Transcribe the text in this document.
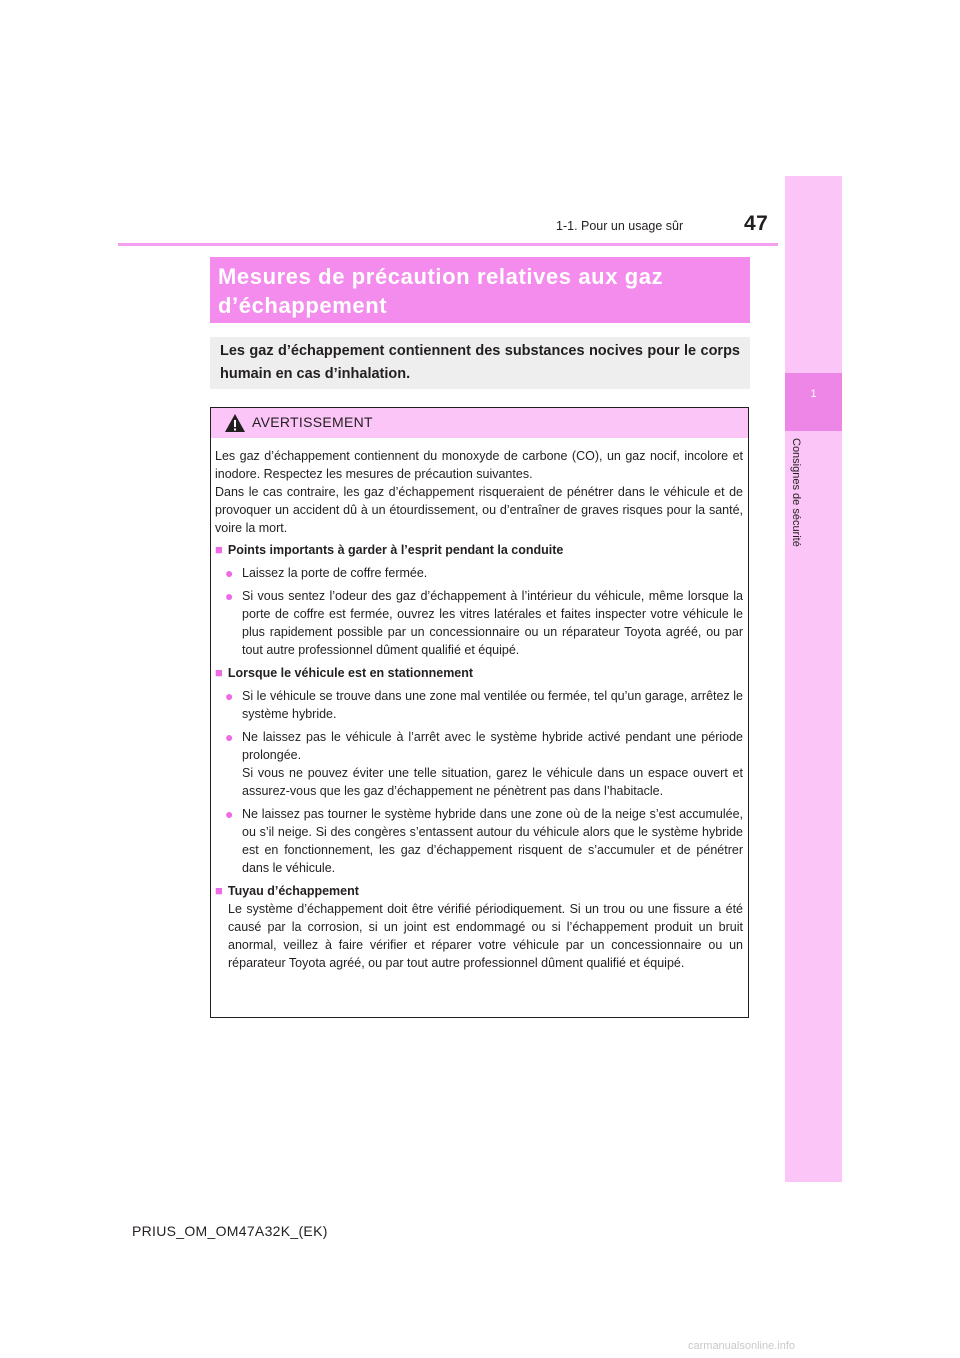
1-1. Pour un usage sûr	47
1
Consignes de sécurité
Mesures de précaution relatives aux gaz
d’échappement
Les gaz d’échappement contiennent des substances nocives pour le corps humain en cas d’inhalation.
AVERTISSEMENT

Les gaz d’échappement contiennent du monoxyde de carbone (CO), un gaz nocif, incolore et inodore. Respectez les mesures de précaution suivantes.

Dans le cas contraire, les gaz d’échappement risqueraient de pénétrer dans le véhicule et de provoquer un accident dû à un étourdissement, ou d’entraîner de graves risques pour la santé, voire la mort.

■ Points importants à garder à l’esprit pendant la conduite
● Laissez la porte de coffre fermée.
● Si vous sentez l’odeur des gaz d’échappement à l’intérieur du véhicule, même lorsque la porte de coffre est fermée, ouvrez les vitres latérales et faites inspecter votre véhicule le plus rapidement possible par un concessionnaire ou un réparateur Toyota agréé, ou par tout autre professionnel dûment qualifié et équipé.
■ Lorsque le véhicule est en stationnement
● Si le véhicule se trouve dans une zone mal ventilée ou fermée, tel qu’un garage, arrêtez le système hybride.
● Ne laissez pas le véhicule à l’arrêt avec le système hybride activé pendant une période prolongée.
Si vous ne pouvez éviter une telle situation, garez le véhicule dans un espace ouvert et assurez-vous que les gaz d’échappement ne pénètrent pas dans l’habitacle.
● Ne laissez pas tourner le système hybride dans une zone où de la neige s’est accumulée, ou s’il neige. Si des congères s’entassent autour du véhicule alors que le système hybride est en fonctionnement, les gaz d’échappement risquent de s’accumuler et de pénétrer dans le véhicule.
■ Tuyau d’échappement
Le système d’échappement doit être vérifié périodiquement. Si un trou ou une fissure a été causé par la corrosion, si un joint est endommagé ou si l’échappement produit un bruit anormal, veillez à faire vérifier et réparer votre véhicule par un concessionnaire ou un réparateur Toyota agréé, ou par tout autre professionnel dûment qualifié et équipé.
PRIUS_OM_OM47A32K_(EK)
carmanualsonline.info
